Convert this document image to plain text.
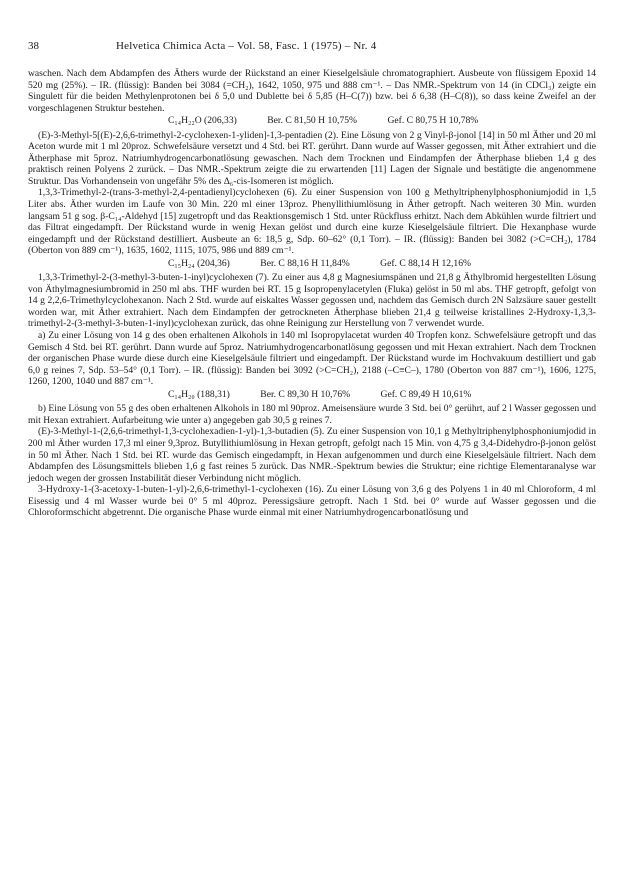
38	Helvetica Chimica Acta – Vol. 58, Fasc. 1 (1975) – Nr. 4

waschen. Nach dem Abdampfen des Äthers wurde der Rückstand an einer Kieselgelsäule chromatographiert. Ausbeute von flüssigem Epoxid 14 520 mg (25%). – IR. (flüssig): Banden bei 3084 (=CH₂), 1642, 1050, 975 und 888 cm⁻¹. – Das NMR.-Spektrum von 14 (in CDCl₃) zeigte ein Singulett für die beiden Methylenprotonen bei δ 5,0 und Dublette bei δ 5,85 (H–C(7)) bzw. bei δ 6,38 (H–C(8)), so dass keine Zweifel an der vorgeschlagenen Struktur bestehen.

C₁₄H₂₂O (206,33)	Ber. C 81,50 H 10,75%	Gef. C 80,75 H 10,78%

(E)-3-Methyl-5[(E)-2,6,6-trimethyl-2-cyclohexen-1-yliden]-1,3-pentadien (2). Eine Lösung von 2 g Vinyl-β-jonol [14] in 50 ml Äther und 20 ml Aceton wurde mit 1 ml 20proz. Schwefelsäure versetzt und 4 Std. bei RT. gerührt. Dann wurde auf Wasser gegossen, mit Äther extrahiert und die Ätherphase mit 5proz. Natriumhydrogencarbonatlösung gewaschen. Nach dem Trocknen und Eindampfen der Ätherphase blieben 1,4 g des praktisch reinen Polyens 2 zurück. – Das NMR.-Spektrum zeigte die zu erwartenden [11] Lagen der Signale und bestätigte die angenommene Struktur. Das Vorhandensein von ungefähr 5% des Δ₆-cis-Isomeren ist möglich.

1,3,3-Trimethyl-2-(trans-3-methyl-2,4-pentadienyl)cyclohexen (6). Zu einer Suspension von 100 g Methyltriphenylphosphoniumjodid in 1,5 Liter abs. Äther wurden im Laufe von 30 Min. 220 ml einer 13proz. Phenyllithiumlösung in Äther getropft. Nach weiteren 30 Min. wurden langsam 51 g sog. β-C₁₄-Aldehyd [15] zugetropft und das Reaktionsgemisch 1 Std. unter Rückfluss erhitzt. Nach dem Abkühlen wurde filtriert und das Filtrat eingedampft. Der Rückstand wurde in wenig Hexan gelöst und durch eine kurze Kieselgelsäule filtriert. Die Hexanphase wurde eingedampft und der Rückstand destilliert. Ausbeute an 6: 18,5 g, Sdp. 60–62° (0,1 Torr). – IR. (flüssig): Banden bei 3082 (>C=CH₂), 1784 (Oberton von 889 cm⁻¹), 1635, 1602, 1115, 1075, 986 und 889 cm⁻¹.

C₁₅H₂₄ (204,36)	Ber. C 88,16 H 11,84%	Gef. C 88,14 H 12,16%

1,3,3-Trimethyl-2-(3-methyl-3-buten-1-inyl)cyclohexen (7). Zu einer aus 4,8 g Magnesiumspänen und 21,8 g Äthylbromid hergestellten Lösung von Äthylmagnesiumbromid in 250 ml abs. THF wurden bei RT. 15 g Isopropenylacetylen (Fluka) gelöst in 50 ml abs. THF getropft, gefolgt von 14 g 2,2,6-Trimethylcyclohexanon. Nach 2 Std. wurde auf eiskaltes Wasser gegossen und, nachdem das Gemisch durch 2N Salzsäure sauer gestellt worden war, mit Äther extrahiert. Nach dem Eindampfen der getrockneten Ätherphase blieben 21,4 g teilweise kristallines 2-Hydroxy-1,3,3-trimethyl-2-(3-methyl-3-buten-1-inyl)cyclohexan zurück, das ohne Reinigung zur Herstellung von 7 verwendet wurde.

a) Zu einer Lösung von 14 g des oben erhaltenen Alkohols in 140 ml Isopropylacetat wurden 40 Tropfen konz. Schwefelsäure getropft und das Gemisch 4 Std. bei RT. gerührt. Dann wurde auf 5proz. Natriumhydrogencarbonatlösung gegossen und mit Hexan extrahiert. Nach dem Trocknen der organischen Phase wurde diese durch eine Kieselgelsäule filtriert und eingedampft. Der Rückstand wurde im Hochvakuum destilliert und gab 6,0 g reines 7, Sdp. 53–54° (0,1 Torr). – IR. (flüssig): Banden bei 3092 (>C=CH₂), 2188 (–C≡C–), 1780 (Oberton von 887 cm⁻¹), 1606, 1275, 1260, 1200, 1040 und 887 cm⁻¹.

C₁₄H₂₀ (188,31)	Ber. C 89,30 H 10,76%	Gef. C 89,49 H 10,61%

b) Eine Lösung von 55 g des oben erhaltenen Alkohols in 180 ml 90proz. Ameisensäure wurde 3 Std. bei 0° gerührt, auf 2 l Wasser gegossen und mit Hexan extrahiert. Aufarbeitung wie unter a) angegeben gab 30,5 g reines 7.

(E)-3-Methyl-1-(2,6,6-trimethyl-1,3-cyclohexadien-1-yl)-1,3-butadien (5). Zu einer Suspension von 10,1 g Methyltriphenylphosphoniumjodid in 200 ml Äther wurden 17,3 ml einer 9,3proz. Butyllithiumlösung in Hexan getropft, gefolgt nach 15 Min. von 4,75 g 3,4-Didehydro-β-jonon gelöst in 50 ml Äther. Nach 1 Std. bei RT. wurde das Gemisch eingedampft, in Hexan aufgenommen und durch eine Kieselgelsäule filtriert. Nach dem Abdampfen des Lösungsmittels blieben 1,6 g fast reines 5 zurück. Das NMR.-Spektrum bewies die Struktur; eine richtige Elementaranalyse war jedoch wegen der grossen Instabilität dieser Verbindung nicht möglich.

3-Hydroxy-1-(3-acetoxy-1-buten-1-yl)-2,6,6-trimethyl-1-cyclohexen (16). Zu einer Lösung von 3,6 g des Polyens 1 in 40 ml Chloroform, 4 ml Eisessig und 4 ml Wasser wurde bei 0° 5 ml 40proz. Peressigsäure getropft. Nach 1 Std. bei 0° wurde auf Wasser gegossen und die Chloroformschicht abgetrennt. Die organische Phase wurde einmal mit einer Natriumhydrogencarbonatlösung und
